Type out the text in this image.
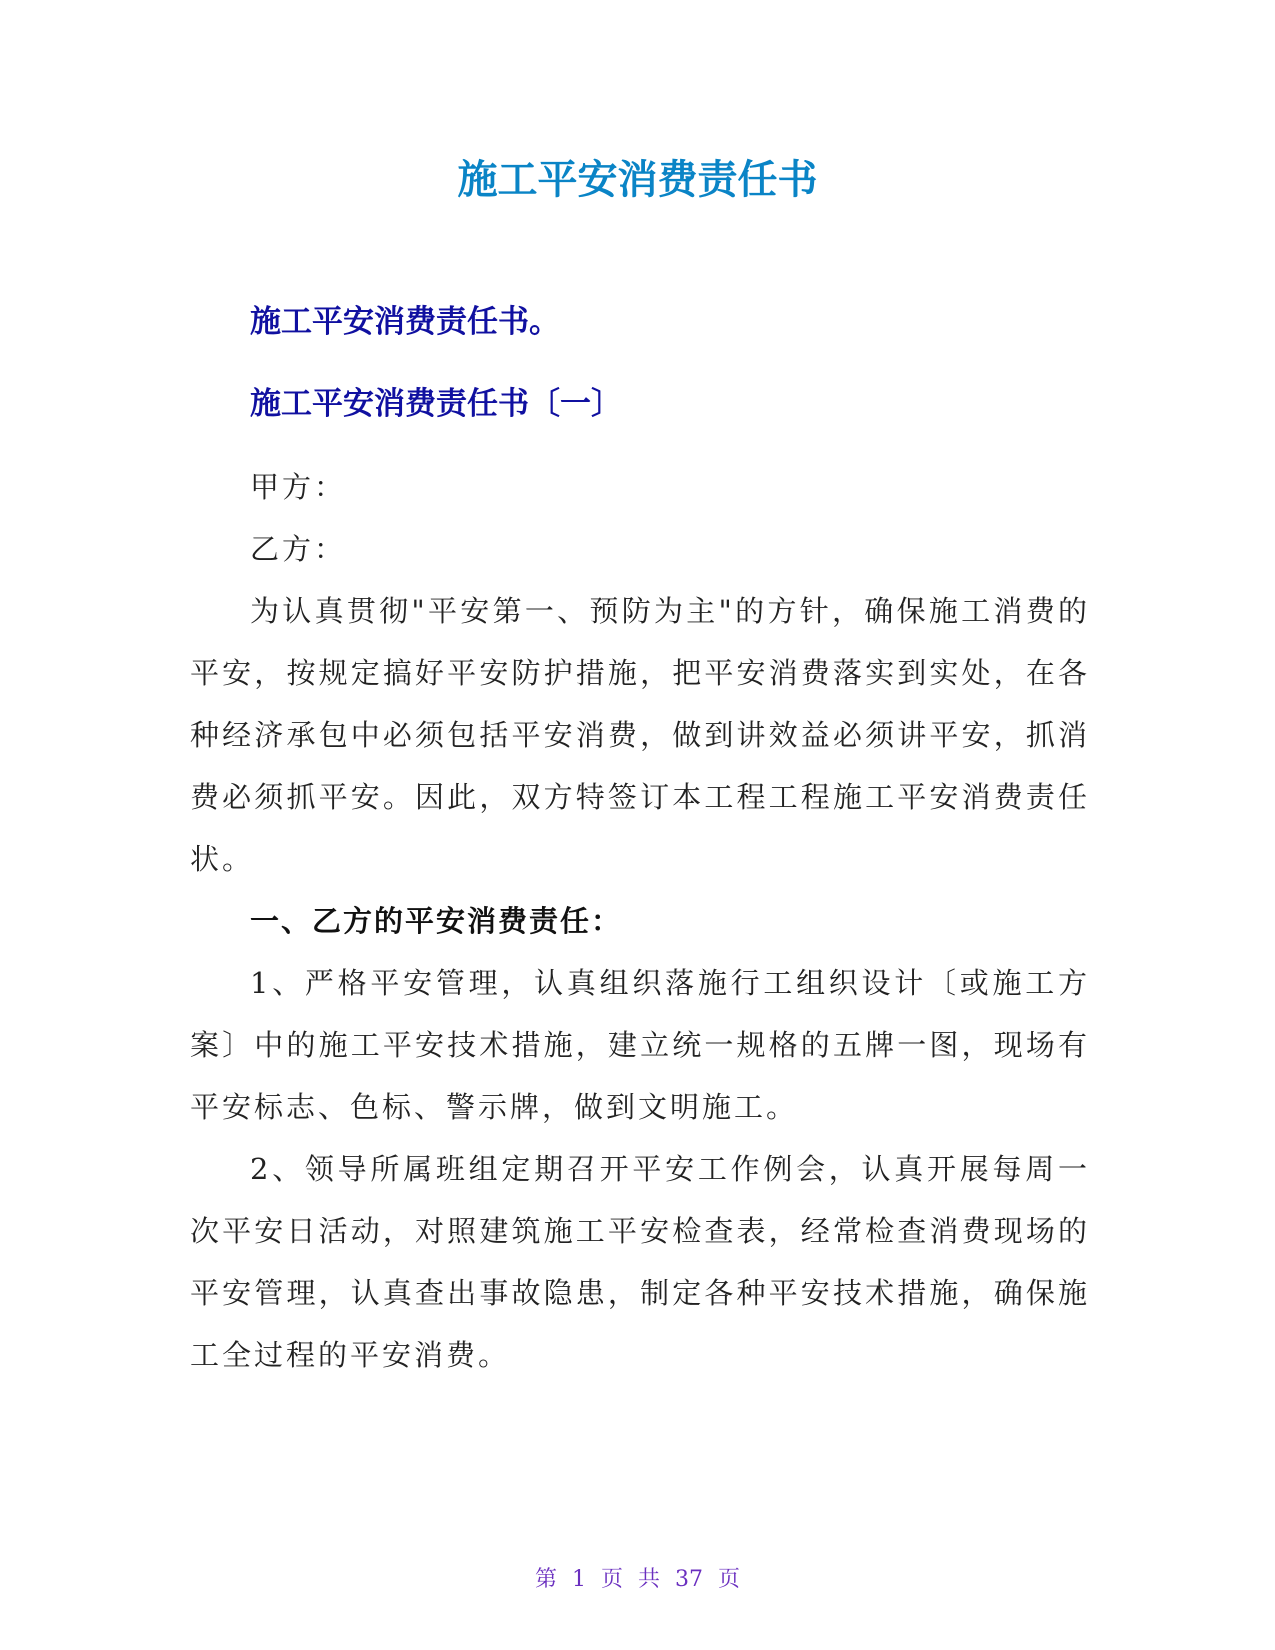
施工平安消费责任书
施工平安消费责任书。
施工平安消费责任书〔一〕

甲方：

乙方：

为认真贯彻"平安第一、预防为主"的方针，确保施工消费的平安，按规定搞好平安防护措施，把平安消费落实到实处，在各种经济承包中必须包括平安消费，做到讲效益必须讲平安，抓消费必须抓平安。因此，双方特签订本工程工程施工平安消费责任状。

一、乙方的平安消费责任：

1、严格平安管理，认真组织落施行工组织设计〔或施工方案〕中的施工平安技术措施，建立统一规格的五牌一图，现场有平安标志、色标、警示牌，做到文明施工。

2、领导所属班组定期召开平安工作例会，认真开展每周一次平安日活动，对照建筑施工平安检查表，经常检查消费现场的平安管理，认真查出事故隐患，制定各种平安技术措施，确保施工全过程的平安消费。

第 1 页 共 37 页
